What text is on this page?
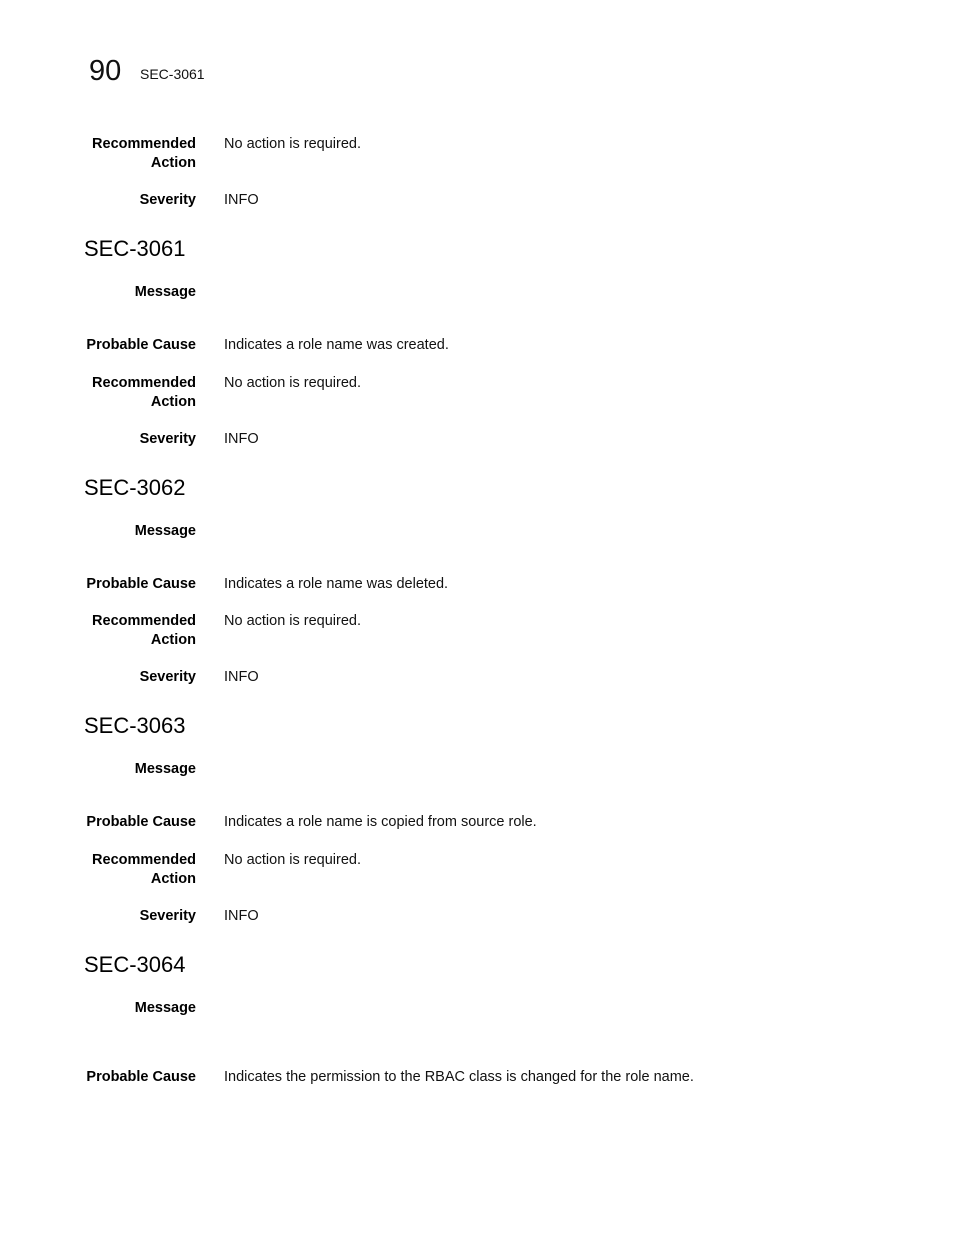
90 SEC-3061
Recommended
Action
No action is required.
Severity INFO
SEC-3061
Message
Probable Cause Indicates a role name was created.
Recommended
Action
No action is required.
Severity INFO
SEC-3062
Message
Probable Cause Indicates a role name was deleted.
Recommended
Action
No action is required.
Severity INFO
SEC-3063
Message
Probable Cause Indicates a role name is copied from source role.
Recommended
Action
No action is required.
Severity INFO
SEC-3064
Message
Probable Cause Indicates the permission to the RBAC class is changed for the role name.
